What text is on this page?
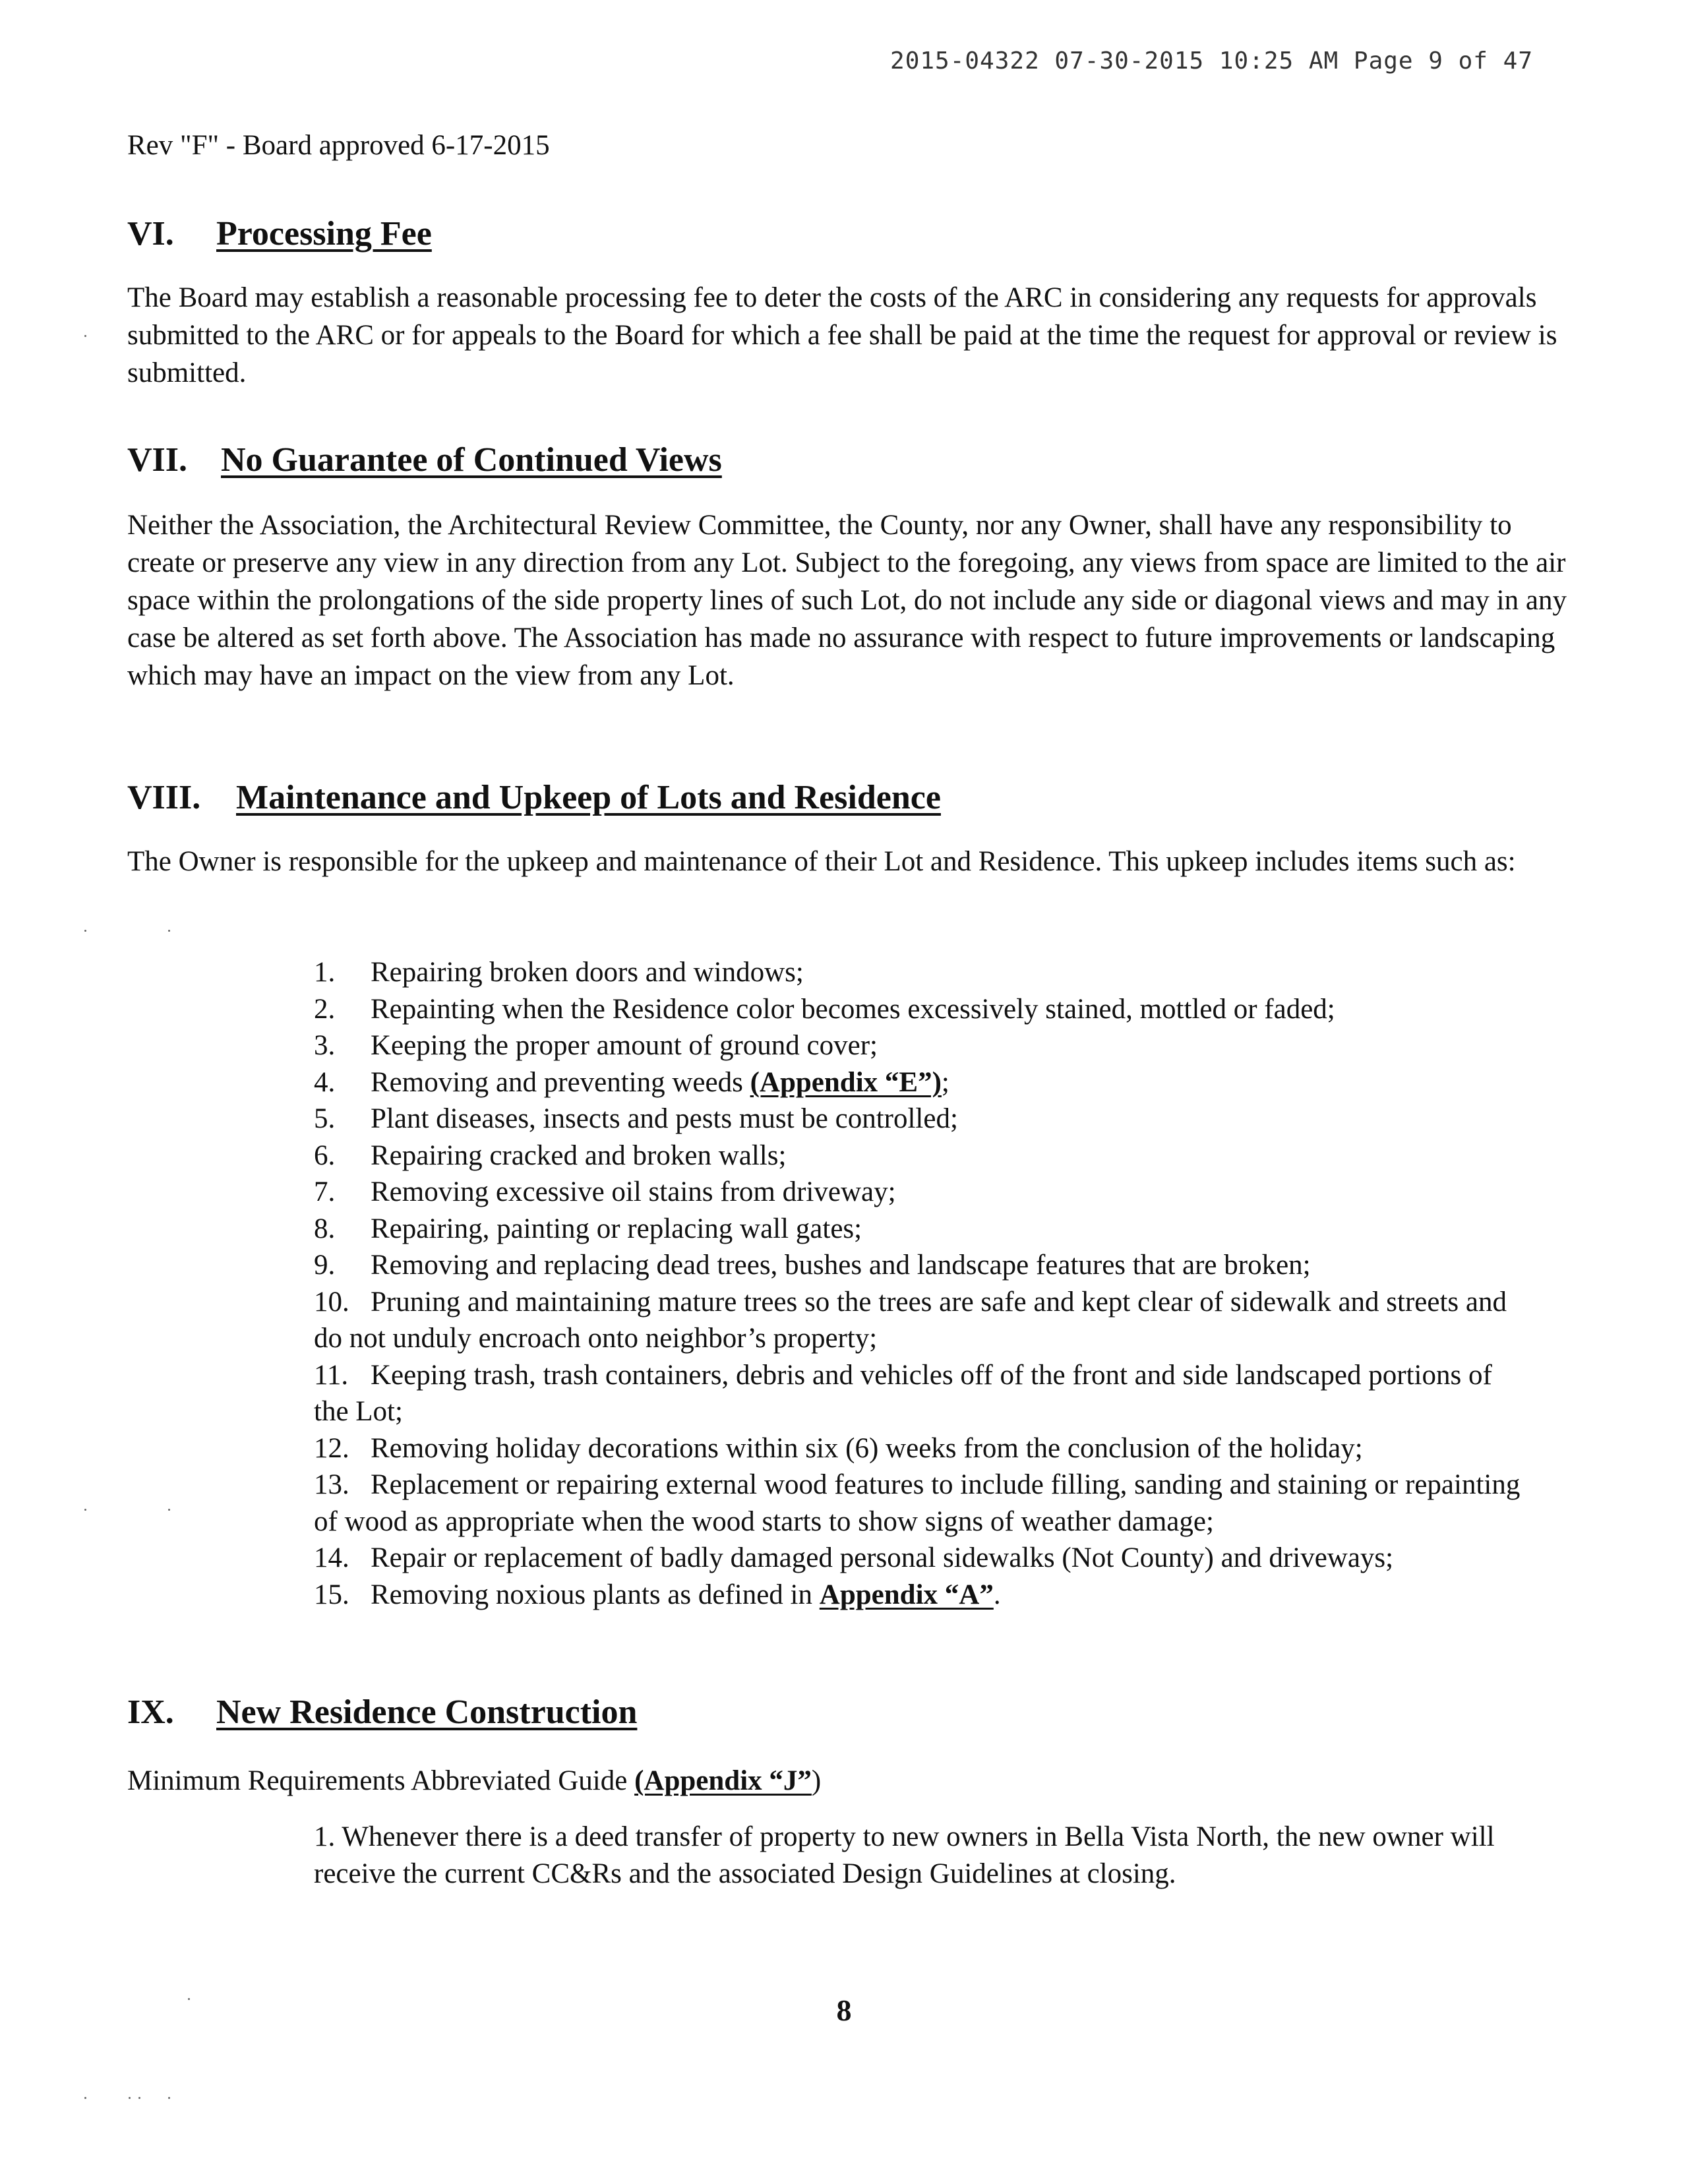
2015-04322 07-30-2015 10:25 AM Page 9 of 47
Rev "F" - Board approved 6-17-2015
VI. Processing Fee
The Board may establish a reasonable processing fee to deter the costs of the ARC in considering any requests for approvals submitted to the ARC or for appeals to the Board for which a fee shall be paid at the time the request for approval or review is submitted.
VII. No Guarantee of Continued Views
Neither the Association, the Architectural Review Committee, the County, nor any Owner, shall have any responsibility to create or preserve any view in any direction from any Lot. Subject to the foregoing, any views from space are limited to the air space within the prolongations of the side property lines of such Lot, do not include any side or diagonal views and may in any case be altered as set forth above. The Association has made no assurance with respect to future improvements or landscaping which may have an impact on the view from any Lot.
VIII. Maintenance and Upkeep of Lots and Residence
The Owner is responsible for the upkeep and maintenance of their Lot and Residence. This upkeep includes items such as:

1. Repairing broken doors and windows;

2. Repainting when the Residence color becomes excessively stained, mottled or faded;

3. Keeping the proper amount of ground cover;

4. Removing and preventing weeds (Appendix “E”);

5. Plant diseases, insects and pests must be controlled;

6. Repairing cracked and broken walls;

7. Removing excessive oil stains from driveway;

8. Repairing, painting or replacing wall gates;

9. Removing and replacing dead trees, bushes and landscape features that are broken;

10. Pruning and maintaining mature trees so the trees are safe and kept clear of sidewalk and streets and do not unduly encroach onto neighbor’s property;

11. Keeping trash, trash containers, debris and vehicles off of the front and side landscaped portions of the Lot;

12. Removing holiday decorations within six (6) weeks from the conclusion of the holiday;

13. Replacement or repairing external wood features to include filling, sanding and staining or repainting of wood as appropriate when the wood starts to show signs of weather damage;

14. Repair or replacement of badly damaged personal sidewalks (Not County) and driveways;

15. Removing noxious plants as defined in Appendix “A”.

IX. New Residence Construction
Minimum Requirements Abbreviated Guide (Appendix “J”)

1. Whenever there is a deed transfer of property to new owners in Bella Vista North, the new owner will receive the current CC&Rs and the associated Design Guidelines at closing.

8
